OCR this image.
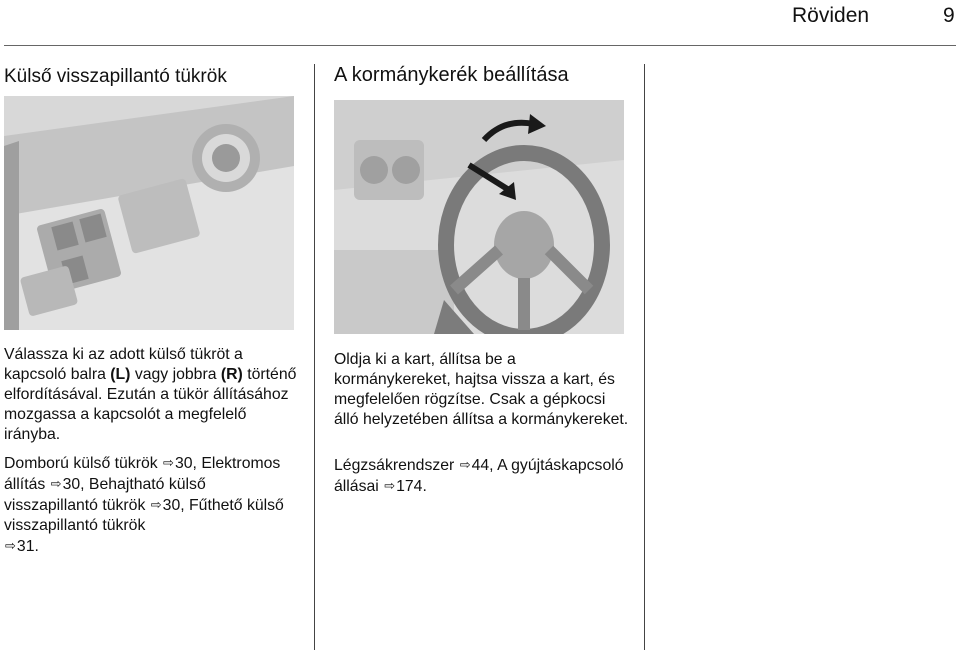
Röviden	9
Külső visszapillantó tükrök

Válassza ki az adott külső tükröt a kapcsoló balra (L) vagy jobbra (R) történő elfordításával. Ezután a tükör állításához mozgassa a kapcsolót a megfelelő irányba.

Domború külső tükrök ⇨30, Elektromos állítás ⇨30, Behajtható külső visszapillantó tükrök ⇨30, Fűthető külső visszapillantó tükrök
⇨31.

A kormánykerék beállítása

Oldja ki a kart, állítsa be a kormánykereket, hajtsa vissza a kart, és megfelelően rögzítse. Csak a gépkocsi álló helyzetében állítsa a kormánykereket.

Légzsákrendszer ⇨44, A gyújtáskapcsoló állásai ⇨174.
